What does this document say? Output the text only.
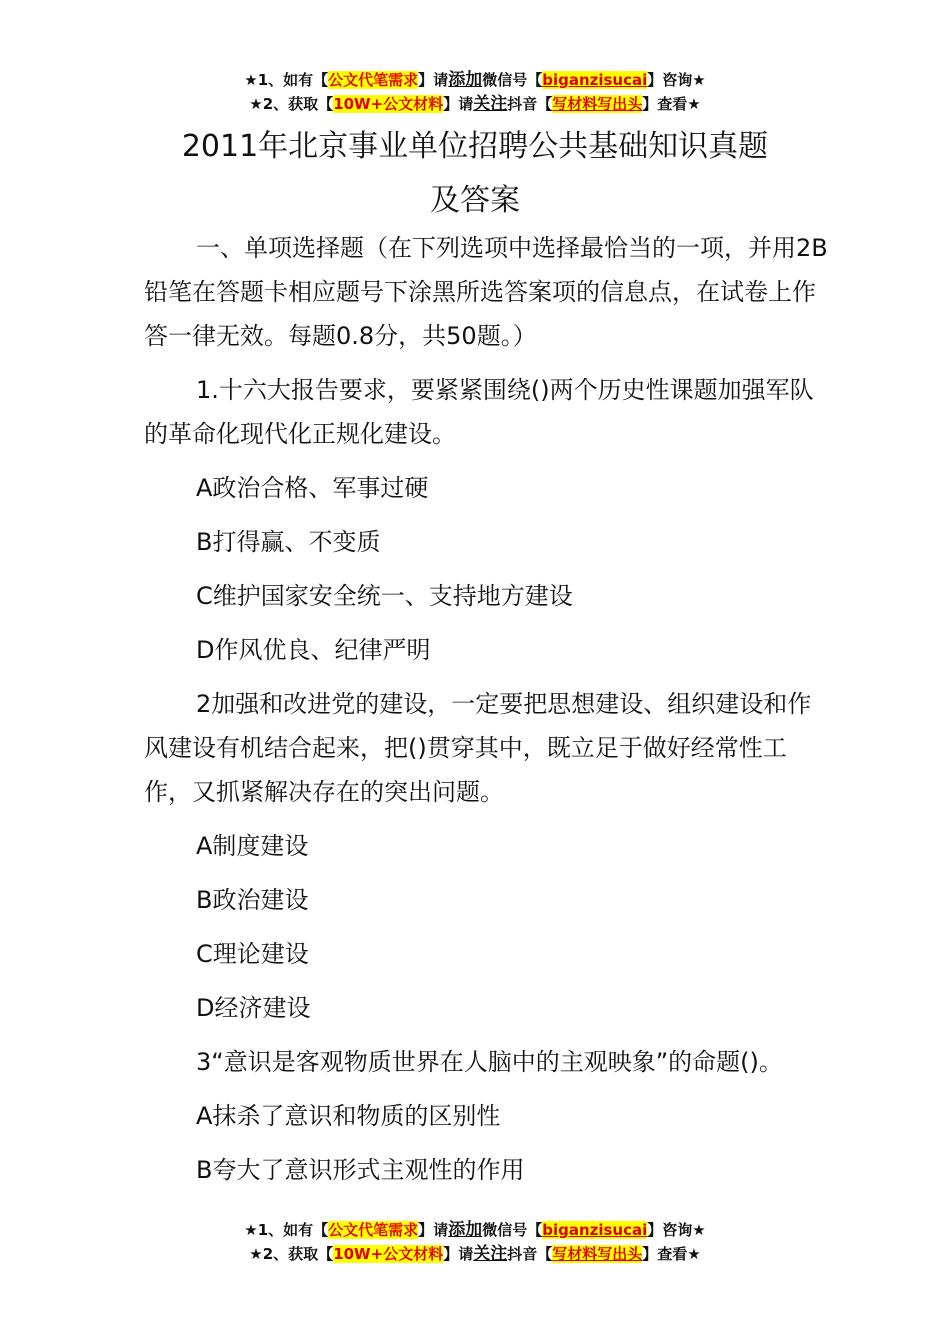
★1、如有【公文代笔需求】请添加微信号【biganzisucai】咨询★
★2、获取【10W+公文材料】请关注抖音【写材料写出头】查看★
2011年北京事业单位招聘公共基础知识真题
及答案

一、单项选择题（在下列选项中选择最恰当的一项，并用2B铅笔在答题卡相应题号下涂黑所选答案项的信息点，在试卷上作答一律无效。每题0.8分，共50题。）

1.十六大报告要求，要紧紧围绕()两个历史性课题加强军队的革命化现代化正规化建设。

A政治合格、军事过硬

B打得赢、不变质

C维护国家安全统一、支持地方建设

D作风优良、纪律严明

2加强和改进党的建设，一定要把思想建设、组织建设和作风建设有机结合起来，把()贯穿其中，既立足于做好经常性工作，又抓紧解决存在的突出问题。

A制度建设

B政治建设

C理论建设

D经济建设

3“意识是客观物质世界在人脑中的主观映象”的命题()。

A抹杀了意识和物质的区别性

B夸大了意识形式主观性的作用

★1、如有【公文代笔需求】请添加微信号【biganzisucai】咨询★
★2、获取【10W+公文材料】请关注抖音【写材料写出头】查看★
